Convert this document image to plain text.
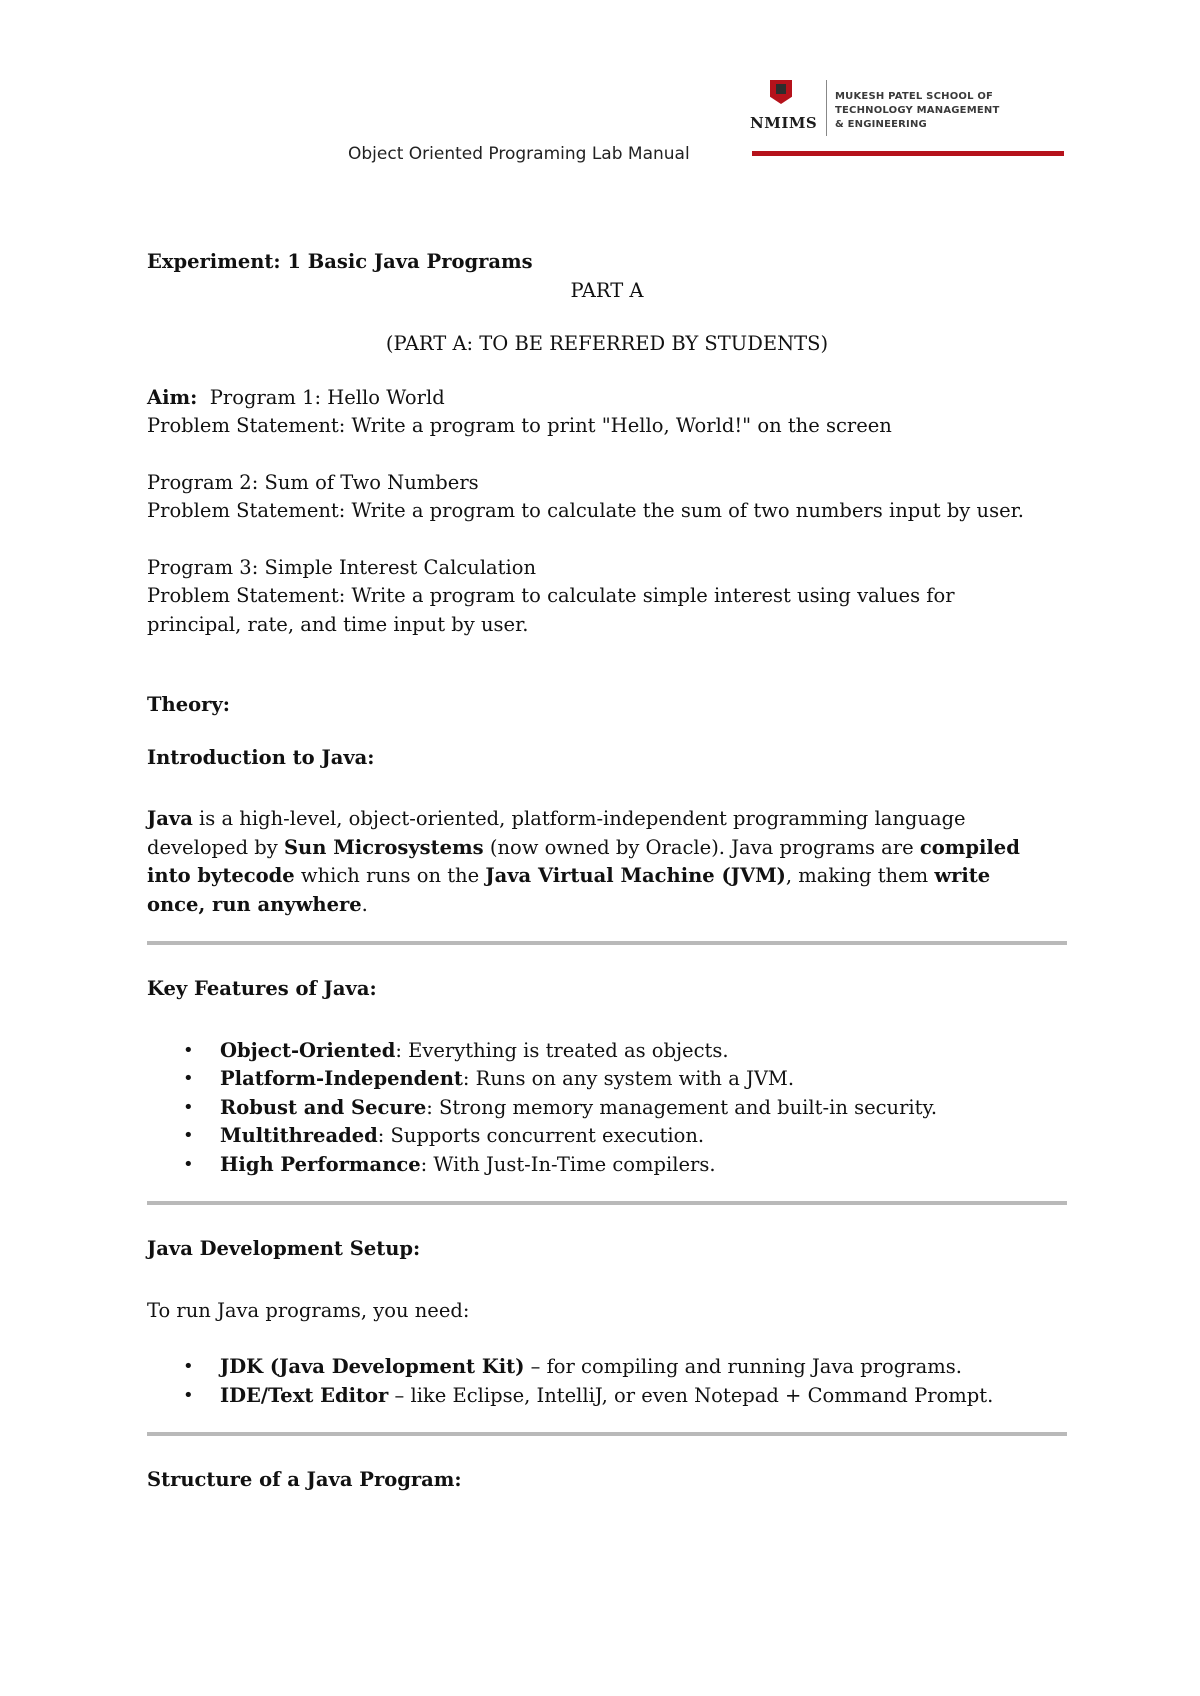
Object Oriented Programing Lab Manual
NMIMS
MUKESH PATEL SCHOOL OF
TECHNOLOGY MANAGEMENT
& ENGINEERING
Experiment: 1 Basic Java Programs
PART A
(PART A: TO BE REFERRED BY STUDENTS)
Aim: Program 1: Hello World
Problem Statement: Write a program to print "Hello, World!" on the screen
Program 2: Sum of Two Numbers
Problem Statement: Write a program to calculate the sum of two numbers input by user.
Program 3: Simple Interest Calculation
Problem Statement: Write a program to calculate simple interest using values for
principal, rate, and time input by user.
Theory:
Introduction to Java:
Java is a high-level, object-oriented, platform-independent programming language
developed by Sun Microsystems (now owned by Oracle). Java programs are compiled
into bytecode which runs on the Java Virtual Machine (JVM), making them write
once, run anywhere.
Key Features of Java:
• Object-Oriented: Everything is treated as objects.
• Platform-Independent: Runs on any system with a JVM.
• Robust and Secure: Strong memory management and built-in security.
• Multithreaded: Supports concurrent execution.
• High Performance: With Just-In-Time compilers.
Java Development Setup:
To run Java programs, you need:
• JDK (Java Development Kit) – for compiling and running Java programs.
• IDE/Text Editor – like Eclipse, IntelliJ, or even Notepad + Command Prompt.
Structure of a Java Program:
